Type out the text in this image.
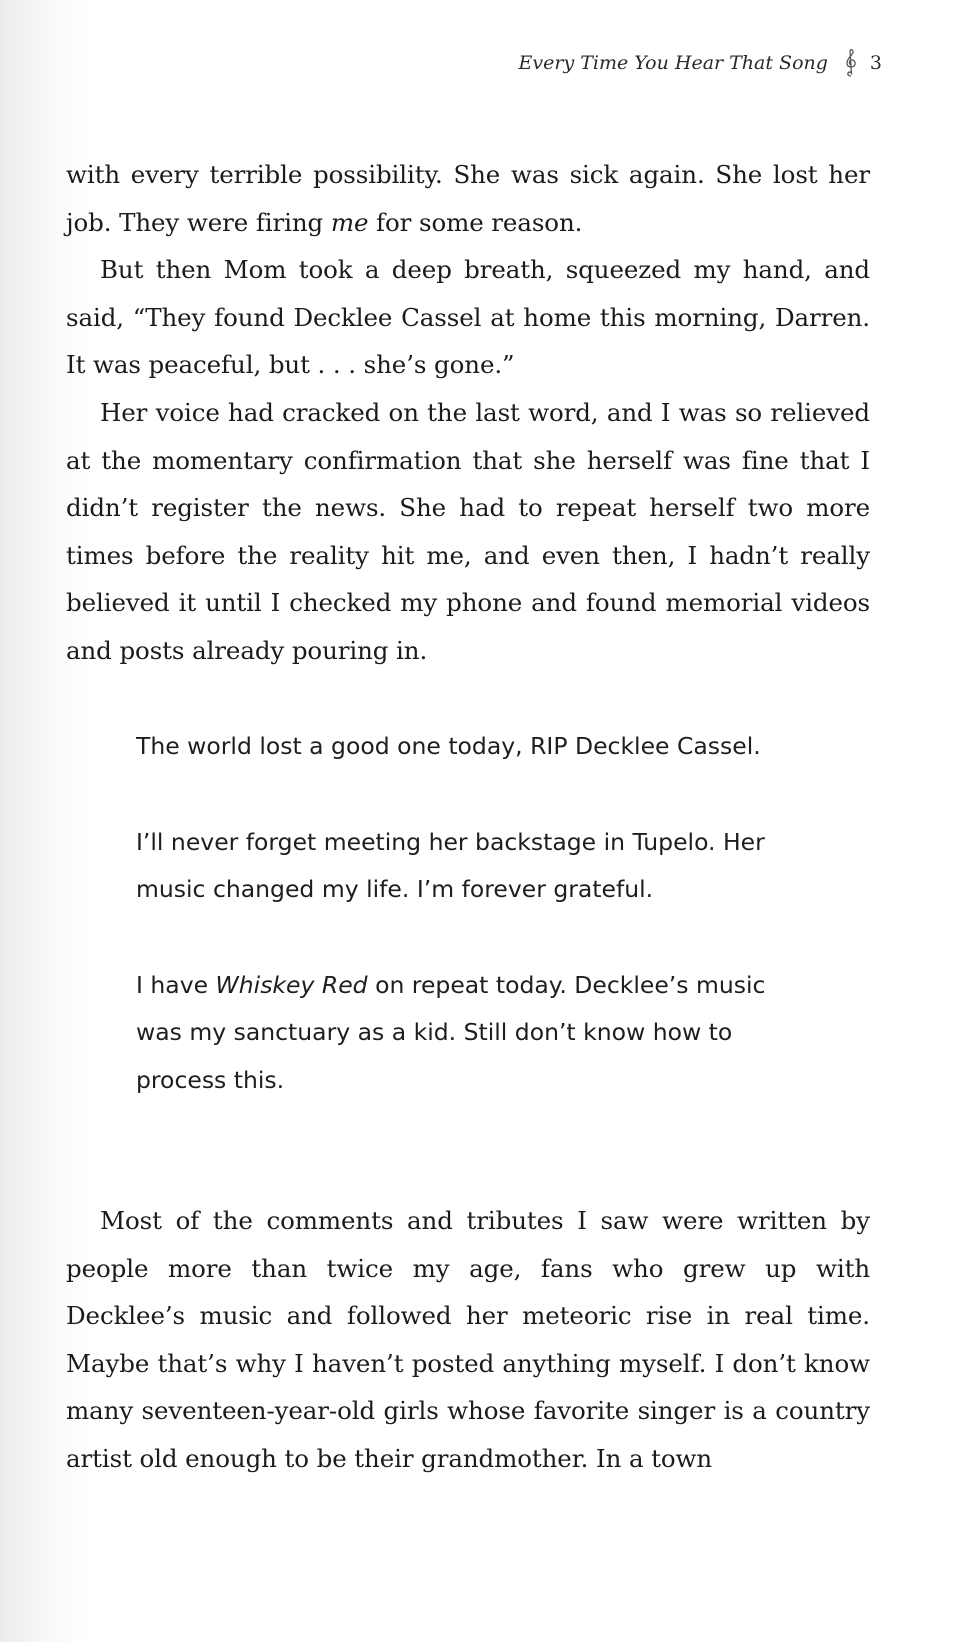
Every Time You Hear That Song 3

with every terrible possibility. She was sick again. She lost her job. They were firing me for some reason.

But then Mom took a deep breath, squeezed my hand, and said, “They found Decklee Cassel at home this morning, Darren. It was peaceful, but . . . she’s gone.”

Her voice had cracked on the last word, and I was so relieved at the momentary confirmation that she herself was fine that I didn’t register the news. She had to repeat herself two more times before the reality hit me, and even then, I hadn’t really believed it until I checked my phone and found memorial videos and posts already pouring in.

The world lost a good one today, RIP Decklee Cassel.

I’ll never forget meeting her backstage in Tupelo. Her music changed my life. I’m forever grateful.

I have Whiskey Red on repeat today. Decklee’s music was my sanctuary as a kid. Still don’t know how to process this.

Most of the comments and tributes I saw were written by people more than twice my age, fans who grew up with Decklee’s music and followed her meteoric rise in real time. Maybe that’s why I haven’t posted anything myself. I don’t know many seventeen-year-old girls whose favorite singer is a country artist old enough to be their grandmother. In a town
